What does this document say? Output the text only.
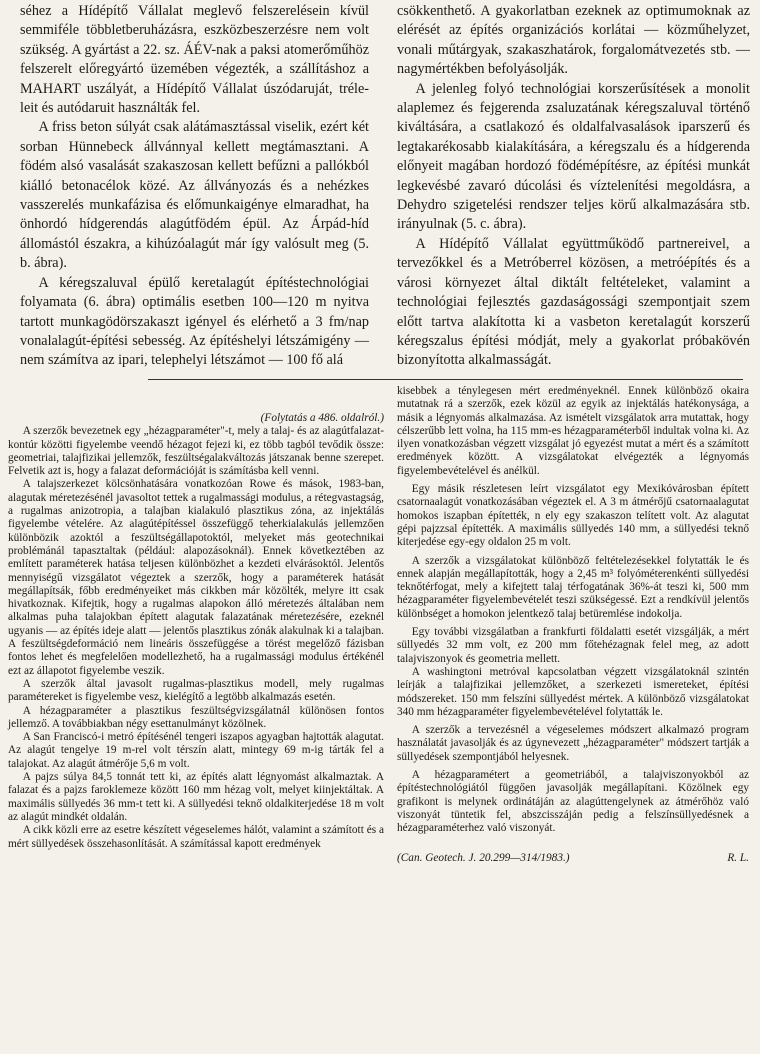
séhez a Hídépítő Vállalat meglevő felszerelésein kívül semmiféle többletberuházásra, eszközbeszerzésre nem volt szükség. A gyártást a 22. sz. ÁÉV-nak a paksi atomerőműhöz felszerelt előregyártó üzemében végezték, a szállításhoz a MAHART uszályát, a Hídépítő Vállalat úszódaruját, tréle-leit és autódaruit használták fel.

A friss beton súlyát csak alátámasztással viselik, ezért két sorban Hünnebeck állvánnyal kellett megtámasztani. A födém alsó vasalását szakaszosan kellett befűzni a pallókból kiálló betonacélok közé. Az állványozás és a nehézkes vasszerelés munkafázisa és előmunkaigénye elmaradhat, ha önhordó hídgerendás alagútfödém épül. Az Árpád-híd állomástól északra, a kihúzóalagút már így valósult meg (5. b. ábra).

A kéregszaluval épülő keretalagút építéstechnológiai folyamata (6. ábra) optimális esetben 100—120 m nyitva tartott munkagödörszakaszt igényel és elérhető a 3 fm/nap vonalalagút-építési sebesség. Az építéshelyi létszámigény — nem számítva az ipari, telephelyi létszámot — 100 fő alá

csökkenthető. A gyakorlatban ezeknek az optimumoknak az elérését az építés organizációs korlátai — közműhelyzet, vonali műtárgyak, szakaszhatárok, forgalomátvezetés stb. — nagymértékben befolyásolják.

A jelenleg folyó technológiai korszerűsítések a monolit alaplemez és fejgerenda zsaluzatának kéregszaluval történő kiváltására, a csatlakozó és oldalfalvasalások iparszerű és legtakarékosabb kialakítására, a kéregszalu és a hídgerenda előnyeit magában hordozó födémépítésre, az építési munkát legkevésbé zavaró dúcolási és víztelenítési megoldásra, a Dehydro szigetelési rendszer teljes körű alkalmazására stb. irányulnak (5. c. ábra).

A Hídépítő Vállalat együttműködő partnereivel, a tervezőkkel és a Metróberrel közösen, a metróépítés és a városi környezet által diktált feltételeket, valamint a technológiai fejlesztés gazdaságossági szempontjait szem előtt tartva alakította ki a vasbeton keretalagút korszerű kéregszalus építési módját, mely a gyakorlat próbakövén bizonyította alkalmasságát.

(Folytatás a 486. oldalról.)

A szerzők bevezetnek egy „hézagparaméter"-t, mely a talaj- és az alagútfalazat-kontúr közötti figyelembe veendő hézagot fejezi ki, ez több tagból tevődik össze: geometriai, talajfizikai jellemzők, feszültségalakváltozás játszanak benne szerepet. Felvetik azt is, hogy a falazat deformációját is számításba kell venni.

A talajszerkezet kölcsönhatására vonatkozóan Rowe és mások, 1983-ban, alagutak méretezésénél javasoltot tettek a rugalmassági modulus, a rétegvastagság, a rugalmas anizotropia, a talajban kialakuló plasztikus zóna, az injektálás figyelembe vételére. Az alagútépítéssel összefüggő teherkialakulás jellemzően különbözik azoktól a feszültségállapotoktól, melyeket más geotechnikai problémánál tapasztaltak (például: alapozásoknál). Ennek következtében az említett paraméterek hatása teljesen különbözhet a kezdeti elvárásoktól. Jelentős mennyiségű vizsgálatot végeztek a szerzők, hogy a paraméterek hatását megállapítsák, főbb eredményeiket más cikkben már közölték, melyre itt csak hivatkoznak. Kifejtik, hogy a rugalmas alapokon álló méretezés általában nem alkalmas puha talajokban épített alagutak falazatának méretezésére, ezeknél ugyanis — az építés ideje alatt — jelentős plasztikus zónák alakulnak ki a talajban. A feszültségdeformáció nem lineáris összefüggése a törést megelőző fázisban fontos lehet és megfelelően modellezhető, ha a rugalmassági modulus értékénél ezt az állapotot figyelembe veszik.

A szerzők által javasolt rugalmas-plasztikus modell, mely rugalmas paramétereket is figyelembe vesz, kielégítő a legtöbb alkalmazás esetén.

A hézagparaméter a plasztikus feszültségvizsgálatnál különösen fontos jellemző. A továbbiakban négy esettanulmányt közölnek.

A San Franciscó-i metró építésénél tengeri iszapos agyagban hajtották alagutat. Az alagút tengelye 19 m-rel volt térszín alatt, mintegy 69 m-ig tárták fel a talajokat. Az alagút átmérője 5,6 m volt.

A pajzs súlya 84,5 tonnát tett ki, az építés alatt légnyomást alkalmaztak. A falazat és a pajzs faroklemeze között 160 mm hézag volt, melyet kiinjektáltak. A maximális süllyedés 36 mm-t tett ki. A süllyedési teknő oldalkiterjedése 18 m volt az alagút mindkét oldalán.

A cikk közli erre az esetre készített végeselemes hálót, valamint a számított és a mért süllyedések összehasonlítását. A számítással kapott eredmények

kisebbek a ténylegesen mért eredményeknél. Ennek különböző okaira mutatnak rá a szerzők, ezek közül az egyik az injektálás hatékonysága, a másik a légnyomás alkalmazása. Az ismételt vizsgálatok arra mutattak, hogy célszerűbb lett volna, ha 115 mm-es hézagparaméterből indultak volna ki. Az ilyen vonatkozásban végzett vizsgálat jó egyezést mutat a mért és a számított eredmények között. A vizsgálatokat elvégezték a légnyomás figyelembevételével és anélkül.

Egy másik részletesen leírt vizsgálatot egy Mexikóvárosban épített csatornaalagút vonatkozásában végeztek el. A 3 m átmérőjű csatornaalagutat homokos iszapban építették, n ely egy szakaszon telített volt. Az alagutat gépi pajzzsal építették. A maximális süllyedés 140 mm, a süllyedési teknő kiterjedése egy-egy oldalon 25 m volt.

A szerzők a vizsgálatokat különböző feltételezésekkel folytatták le és ennek alapján megállapították, hogy a 2,45 m³ folyóméterenkénti süllyedési teknőtérfogat, mely a kifejtett talaj térfogatának 36%-át teszi ki, 500 mm hézagparaméter figyelembevételét teszi szükségessé. Ezt a rendkívül jelentős különbséget a homokon jelentkező talaj betüremlése indokolja.

Egy további vizsgálatban a frankfurti földalatti esetét vizsgálják, a mért süllyedés 32 mm volt, ez 200 mm főtehézagnak felel meg, az adott talajviszonyok és geometria mellett.

A washingtoni metróval kapcsolatban végzett vizsgálatoknál szintén leírják a talajfizikai jellemzőket, a szerkezeti ismereteket, építési módszereket. 150 mm felszíni süllyedést mértek. A különböző vizsgálatokat 340 mm hézagparaméter figyelembevételével folytatták le.

A szerzők a tervezésnél a végeselemes módszert alkalmazó program használatát javasolják és az úgynevezett „hézagparaméter" módszert tartják a süllyedések szempontjából helyesnek.

A hézagparamétert a geometriából, a talajviszonyokból az építéstechnológiától függően javasolják megállapítani. Közölnek egy grafikont is melynek ordinátáján az alagúttengelynek az átmérőhöz való viszonyát tüntetik fel, abszcisszáján pedig a felszínsüllyedésnek a hézagparaméterhez való viszonyát.

(Can. Geotech. J. 20.299—314/1983.)	R. L.
